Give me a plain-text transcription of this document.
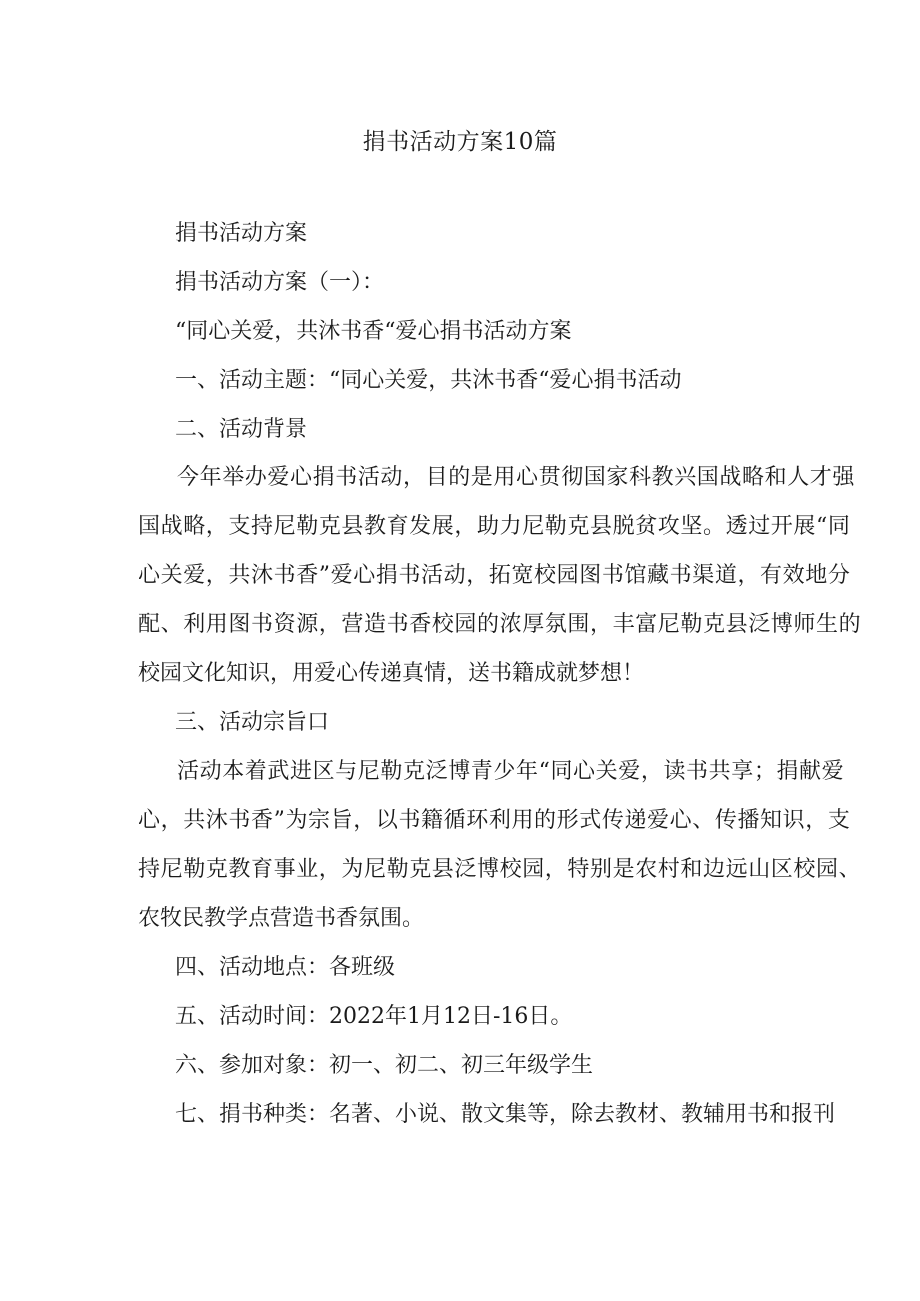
捐书活动方案10篇
捐书活动方案
捐书活动方案（一）：
“同心关爱，共沐书香“爱心捐书活动方案
一、活动主题：“同心关爱，共沐书香“爱心捐书活动
二、活动背景
今年举办爱心捐书活动，目的是用心贯彻国家科教兴国战略和人才强
国战略，支持尼勒克县教育发展，助力尼勒克县脱贫攻坚。透过开展“同
心关爱，共沐书香”爱心捐书活动，拓宽校园图书馆藏书渠道，有效地分
配、利用图书资源，营造书香校园的浓厚氛围，丰富尼勒克县泛博师生的
校园文化知识，用爱心传递真情，送书籍成就梦想！
三、活动宗旨口
活动本着武进区与尼勒克泛博青少年“同心关爱，读书共享；捐献爱
心，共沐书香”为宗旨，以书籍循环利用的形式传递爱心、传播知识，支
持尼勒克教育事业，为尼勒克县泛博校园，特别是农村和边远山区校园、
农牧民教学点营造书香氛围。
四、活动地点：各班级
五、活动时间：2022年1月12日-16日。
六、参加对象：初一、初二、初三年级学生
七、捐书种类：名著、小说、散文集等，除去教材、教辅用书和报刊
